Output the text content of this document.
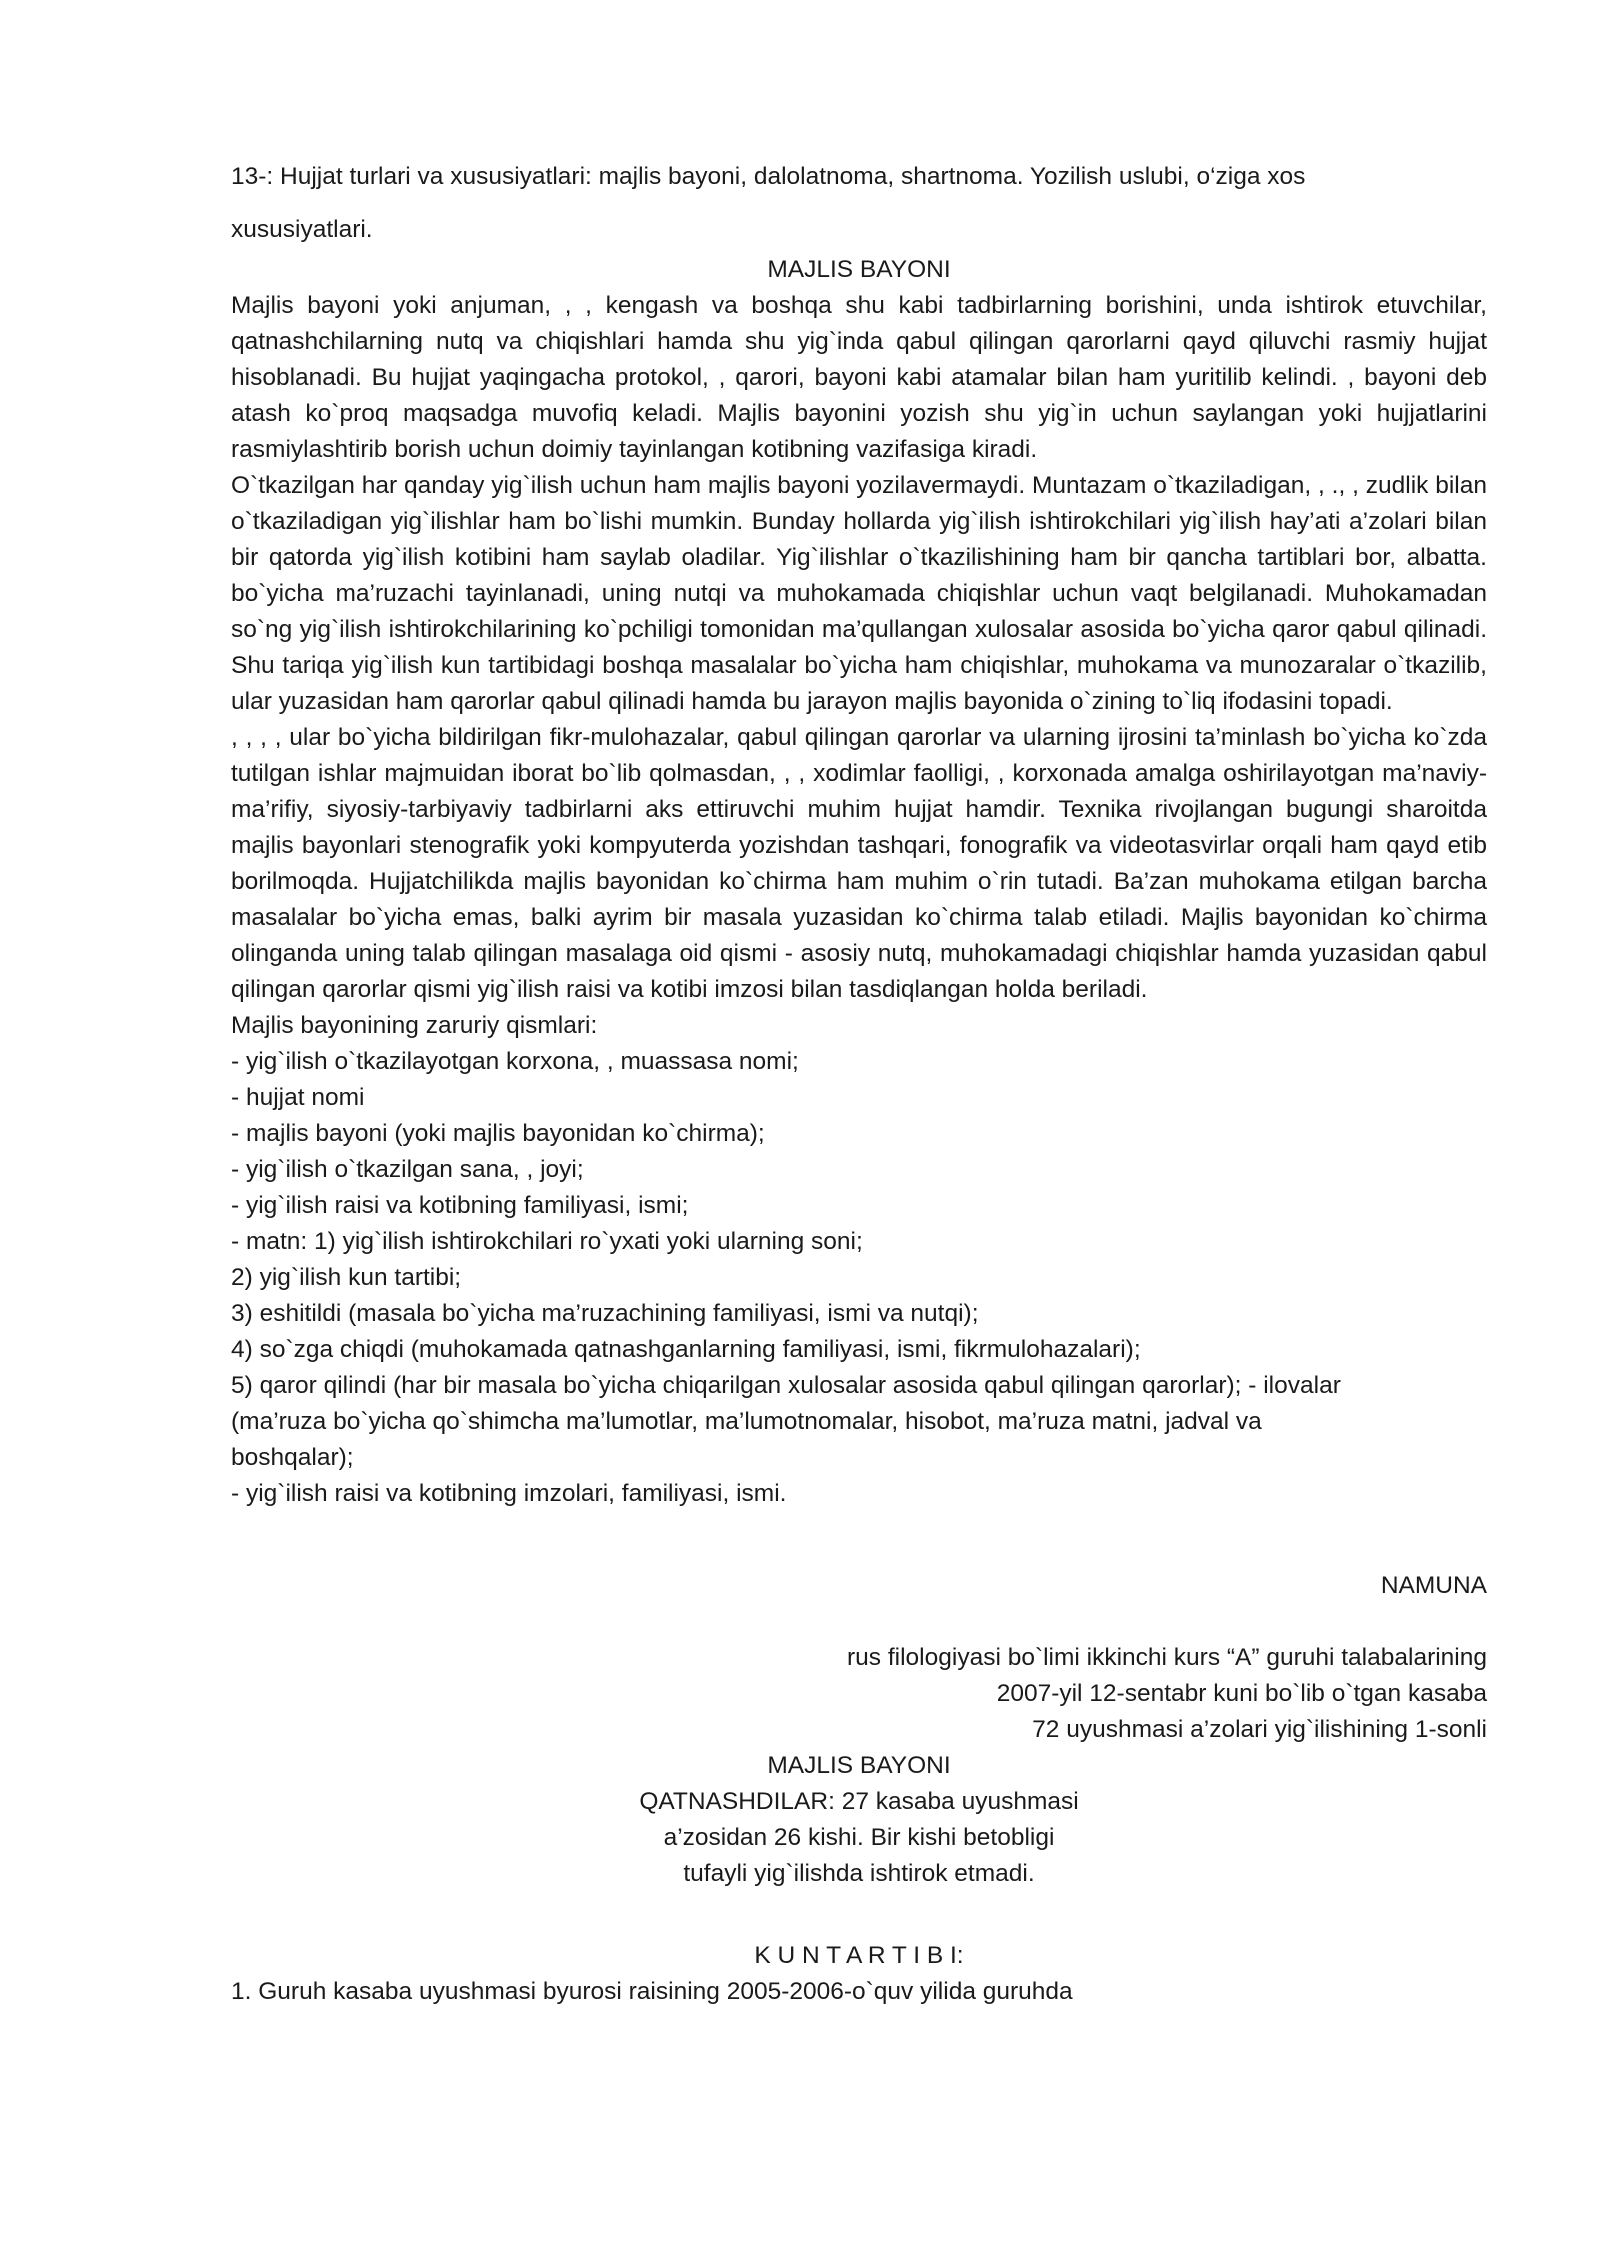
13-: Hujjat turlari va xususiyatlari: majlis bayoni, dalolatnoma, shartnoma. Yozilish uslubi, o‘ziga xos

xususiyatlari.

MAJLIS BAYONI

Majlis bayoni yoki anjuman, , , kengash va boshqa shu kabi tadbirlarning borishini, unda ishtirok etuvchilar, qatnashchilarning nutq va chiqishlari hamda shu yig`inda qabul qilingan qarorlarni qayd qiluvchi rasmiy hujjat hisoblanadi. Bu hujjat yaqingacha protokol, , qarori, bayoni kabi atamalar bilan ham yuritilib kelindi. , bayoni deb atash ko`proq maqsadga muvofiq keladi. Majlis bayonini yozish shu yig`in uchun saylangan yoki hujjatlarini rasmiylashtirib borish uchun doimiy tayinlangan kotibning vazifasiga kiradi.

O`tkazilgan har qanday yig`ilish uchun ham majlis bayoni yozilavermaydi. Muntazam o`tkaziladigan, , ., , zudlik bilan o`tkaziladigan yig`ilishlar ham bo`lishi mumkin. Bunday hollarda yig`ilish ishtirokchilari yig`ilish hay’ati a’zolari bilan bir qatorda yig`ilish kotibini ham saylab oladilar. Yig`ilishlar o`tkazilishining ham bir qancha tartiblari bor, albatta. bo`yicha ma’ruzachi tayinlanadi, uning nutqi va muhokamada chiqishlar uchun vaqt belgilanadi. Muhokamadan so`ng yig`ilish ishtirokchilarining ko`pchiligi tomonidan ma’qullangan xulosalar asosida bo`yicha qaror qabul qilinadi. Shu tariqa yig`ilish kun tartibidagi boshqa masalalar bo`yicha ham chiqishlar, muhokama va munozaralar o`tkazilib, ular yuzasidan ham qarorlar qabul qilinadi hamda bu jarayon majlis bayonida o`zining to`liq ifodasini topadi.

, , , , ular bo`yicha bildirilgan fikr-mulohazalar, qabul qilingan qarorlar va ularning ijrosini ta’minlash bo`yicha ko`zda tutilgan ishlar majmuidan iborat bo`lib qolmasdan, , , xodimlar faolligi, , korxonada amalga oshirilayotgan ma’naviy-ma’rifiy, siyosiy-tarbiyaviy tadbirlarni aks ettiruvchi muhim hujjat hamdir. Texnika rivojlangan bugungi sharoitda majlis bayonlari stenografik yoki kompyuterda yozishdan tashqari, fonografik va videotasvirlar orqali ham qayd etib borilmoqda. Hujjatchilikda majlis bayonidan ko`chirma ham muhim o`rin tutadi. Ba’zan muhokama etilgan barcha masalalar bo`yicha emas, balki ayrim bir masala yuzasidan ko`chirma talab etiladi. Majlis bayonidan ko`chirma olinganda uning talab qilingan masalaga oid qismi - asosiy nutq, muhokamadagi chiqishlar hamda yuzasidan qabul qilingan qarorlar qismi yig`ilish raisi va kotibi imzosi bilan tasdiqlangan holda beriladi.

Majlis bayonining zaruriy qismlari:

- yig`ilish o`tkazilayotgan korxona, , muassasa nomi;
- hujjat nomi
- majlis bayoni (yoki majlis bayonidan ko`chirma);
- yig`ilish o`tkazilgan sana, , joyi;
- yig`ilish raisi va kotibning familiyasi, ismi;
- matn: 1) yig`ilish ishtirokchilari ro`yxati yoki ularning soni;
2) yig`ilish kun tartibi;
3) eshitildi (masala bo`yicha ma’ruzachining familiyasi, ismi va nutqi);
4) so`zga chiqdi (muhokamada qatnashganlarning familiyasi, ismi, fikrmulohazalari);
5) qaror qilindi (har bir masala bo`yicha chiqarilgan xulosalar asosida qabul qilingan qarorlar); - ilovalar
(ma’ruza bo`yicha qo`shimcha ma’lumotlar, ma’lumotnomalar, hisobot, ma’ruza matni, jadval va
boshqalar);
- yig`ilish raisi va kotibning imzolari, familiyasi, ismi.

NAMUNA

rus filologiyasi bo`limi ikkinchi kurs “A” guruhi talabalarining

2007-yil 12-sentabr kuni bo`lib o`tgan kasaba

72 uyushmasi a’zolari yig`ilishining 1-sonli

MAJLIS BAYONI

QATNASHDILAR: 27 kasaba uyushmasi

a’zosidan 26 kishi. Bir kishi betobligi

tufayli yig`ilishda ishtirok etmadi.

K U N T A R T I B I:

1. Guruh kasaba uyushmasi byurosi raisining 2005-2006-o`quv yilida guruhda
